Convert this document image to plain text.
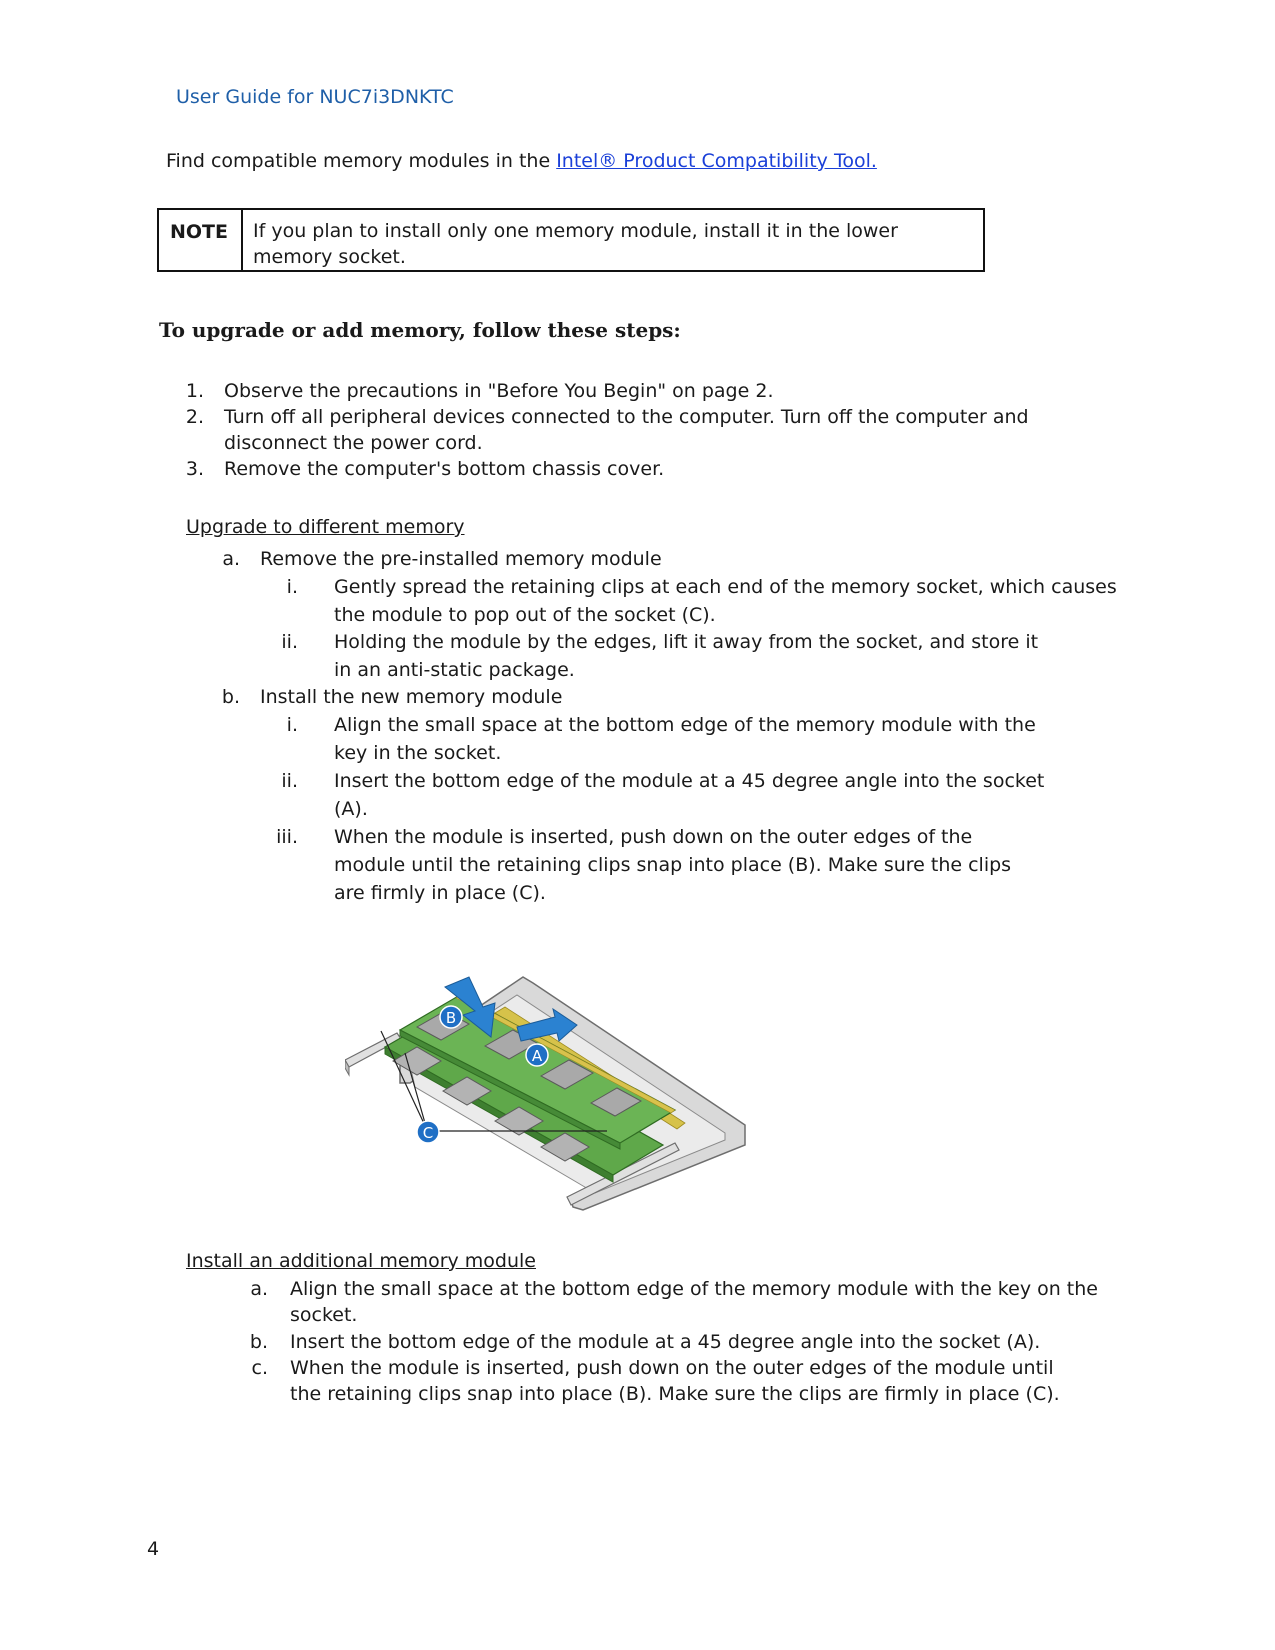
User Guide for NUC7i3DNKTC
Find compatible memory modules in the Intel® Product Compatibility Tool.
NOTE	If you plan to install only one memory module, install it in the lower memory socket.
To upgrade or add memory, follow these steps:
1. Observe the precautions in "Before You Begin" on page 2.
2. Turn off all peripheral devices connected to the computer. Turn off the computer and
disconnect the power cord.
3. Remove the computer's bottom chassis cover.
Upgrade to different memory
a. Remove the pre-installed memory module
i. Gently spread the retaining clips at each end of the memory socket, which causes
the module to pop out of the socket (C).
ii. Holding the module by the edges, lift it away from the socket, and store it
in an anti-static package.
b. Install the new memory module
i. Align the small space at the bottom edge of the memory module with the
key in the socket.
ii. Insert the bottom edge of the module at a 45 degree angle into the socket
(A).
iii. When the module is inserted, push down on the outer edges of the
module until the retaining clips snap into place (B). Make sure the clips
are firmly in place (C).
B
A
C
Install an additional memory module
a. Align the small space at the bottom edge of the memory module with the key on the
socket.
b. Insert the bottom edge of the module at a 45 degree angle into the socket (A).
c. When the module is inserted, push down on the outer edges of the module until
the retaining clips snap into place (B). Make sure the clips are firmly in place (C).
4
